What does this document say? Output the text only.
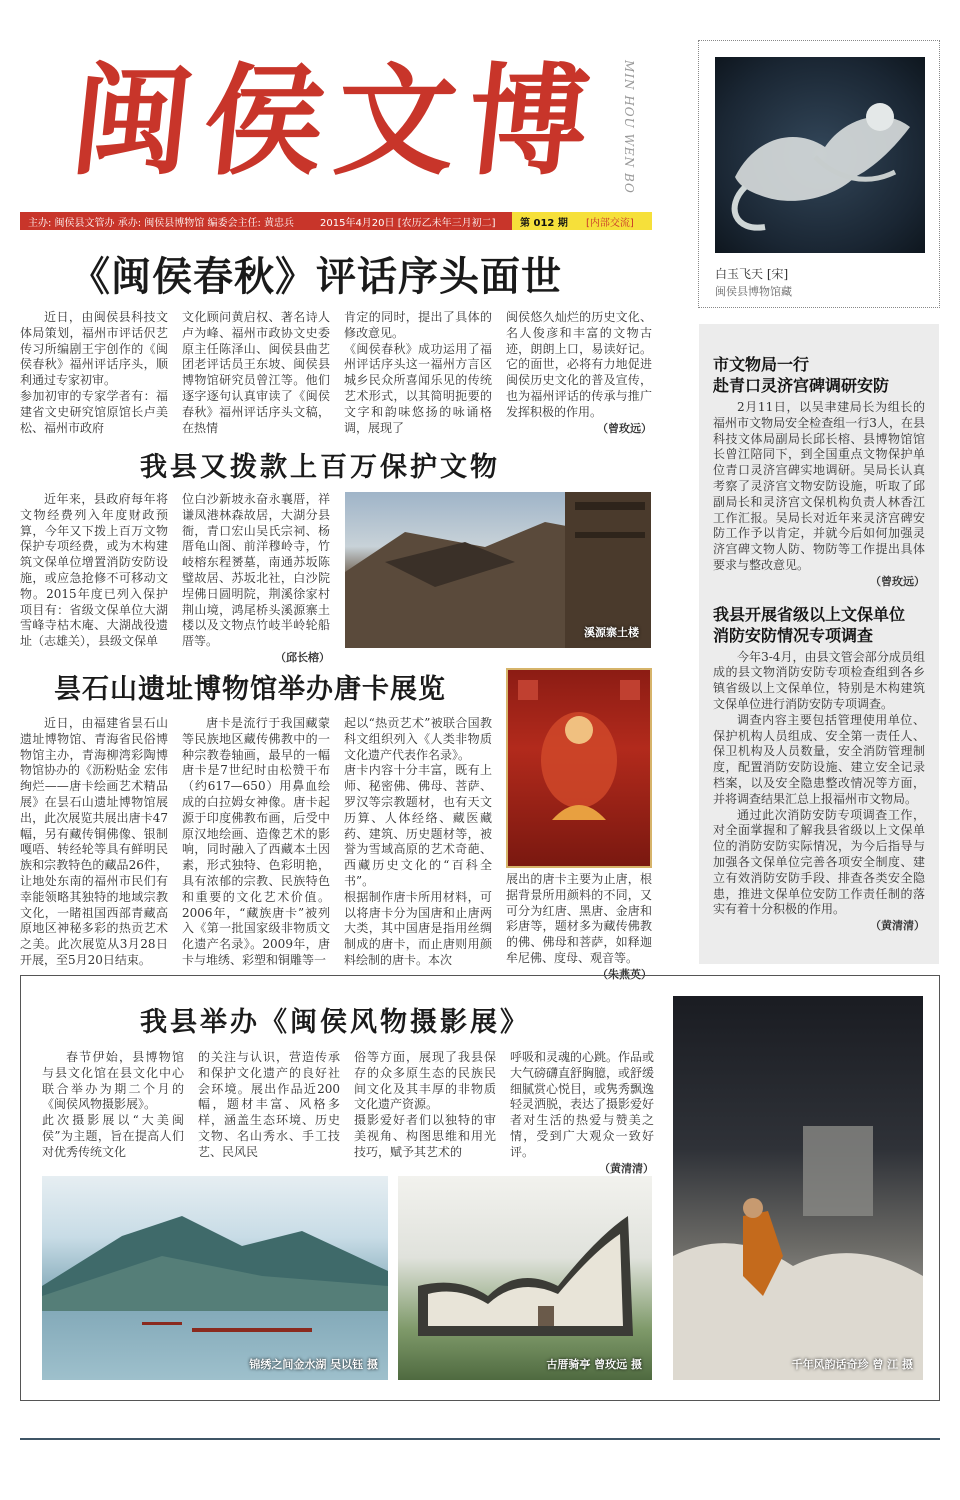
闽侯文博 MIN HOU WEN BO
主办: 闽侯县文管办 承办: 闽侯县博物馆 编委会主任: 黄忠兵	2015年4月20日 [农历乙未年三月初二] 第 012 期 [内部交流]
白玉飞天 [宋]
闽侯县博物馆藏
《闽侯春秋》评话序头面世

近日，由闽侯县科技文体局策划，福州市评话伬艺传习所编剧王宇创作的《闽侯春秋》福州评话序头，顺利通过专家初审。
参加初审的专家学者有：福建省文史研究馆原馆长卢美松、福州市政府

文化顾问黄启权、著名诗人卢为峰、福州市政协文史委原主任陈泽山、闽侯县曲艺团老评话员王东坡、闽侯县博物馆研究员曾江等。他们逐字逐句认真审读了《闽侯春秋》福州评话序头文稿，在热情

肯定的同时，提出了具体的修改意见。
《闽侯春秋》成功运用了福州评话序头这一福州方言区城乡民众所喜闻乐见的传统艺术形式，以其简明扼要的文字和韵味悠扬的咏诵格调，展现了

闽侯悠久灿烂的历史文化、名人俊彦和丰富的文物古迹，朗朗上口，易读好记。它的面世，必将有力地促进闽侯历史文化的普及宣传，也为福州评话的传承与推广发挥积极的作用。

（曾玫远）
我县又拨款上百万保护文物

近年来，县政府每年将文物经费列入年度财政预算，今年又下拨上百万文物保护专项经费，或为木构建筑文保单位增置消防安防设施，或应急抢修不可移动文物。2015年度已列入保护项目有：省级文保单位大湖雪峰寺枯木庵、大湖战役遗址（志雄关），县级文保单

位白沙新坡永奋永襄厝，祥谦凤港林森故居，大湖分县衙，青口宏山吴氏宗祠、杨厝龟山阁、前洋穆岭寺，竹岐榕东程赟墓，南通苏坂陈璧故居、苏坂北社，白沙院埕佛日圆明院，荆溪徐家村荆山境，鸿尾桥头溪源寨土楼以及文物点竹岐半岭轮船厝等。

（邱长榕）
溪源寨土楼
昙石山遗址博物馆举办唐卡展览

近日，由福建省昙石山遗址博物馆、青海省民俗博物馆主办，青海柳湾彩陶博物馆协办的《沥粉贴金 宏伟绚烂——唐卡绘画艺术精品展》在昙石山遗址博物馆展出，此次展览共展出唐卡47幅，另有藏传铜佛像、银制嘎唔、转经轮等具有鲜明民族和宗教特色的藏品26件，让地处东南的福州市民们有幸能领略其独特的地域宗教文化，一睹祖国西部青藏高原地区神秘多彩的热贡艺术之美。此次展览从3月28日开展，至5月20日结束。

唐卡是流行于我国藏蒙等民族地区藏传佛教中的一种宗教卷轴画，最早的一幅唐卡是7世纪时由松赞干布（约617—650）用鼻血绘成的白拉姆女神像。唐卡起源于印度佛教布画，后受中原汉地绘画、造像艺术的影响，同时融入了西藏本土因素，形式独特、色彩明艳，具有浓郁的宗教、民族特色和重要的文化艺术价值。2006年，“藏族唐卡”被列入《第一批国家级非物质文化遗产名录》。2009年，唐卡与堆绣、彩塑和铜雕等一

起以“热贡艺术”被联合国教科文组织列入《人类非物质文化遗产代表作名录》。
唐卡内容十分丰富，既有上师、秘密佛、佛母、菩萨、罗汉等宗教题材，也有天文历算、人体经络、藏医藏药、建筑、历史题材等，被誉为雪域高原的艺术奇葩、西藏历史文化的“百科全书”。
根据制作唐卡所用材料，可以将唐卡分为国唐和止唐两大类，其中国唐是指用丝绸制成的唐卡，而止唐则用颜料绘制的唐卡。本次

展出的唐卡主要为止唐，根据背景所用颜料的不同，又可分为红唐、黑唐、金唐和彩唐等，题材多为藏传佛教的佛、佛母和菩萨，如释迦牟尼佛、度母、观音等。

（朱燕英）
市文物局一行
赴青口灵济宫碑调研安防

2月11日，以吴聿建局长为组长的福州市文物局安全检查组一行3人，在县科技文体局副局长邱长榕、县博物馆馆长曾江陪同下，到全国重点文物保护单位青口灵济宫碑实地调研。吴局长认真考察了灵济宫文物安防设施，听取了邱副局长和灵济宫文保机构负责人林香江工作汇报。吴局长对近年来灵济宫碑安防工作予以肯定，并就今后如何加强灵济宫碑文物人防、物防等工作提出具体要求与整改意见。

（曾玫远）
我县开展省级以上文保单位
消防安防情况专项调查

今年3-4月，由县文管会部分成员组成的县文物消防安防专项检查组到各乡镇省级以上文保单位，特别是木构建筑文保单位进行消防安防专项调查。

调查内容主要包括管理使用单位、保护机构人员组成、安全第一责任人、保卫机构及人员数量，安全消防管理制度，配置消防安防设施、建立安全记录档案，以及安全隐患整改情况等方面，并将调查结果汇总上报福州市文物局。

通过此次消防安防专项调查工作，对全面掌握和了解我县省级以上文保单位的消防安防实际情况，为今后指导与加强各文保单位完善各项安全制度、建立有效消防安防手段、排查各类安全隐患，推进文保单位安防工作责任制的落实有着十分积极的作用。

（黄清清）
我县举办《闽侯风物摄影展》

春节伊始，县博物馆与县文化馆在县文化中心联合举办为期二个月的《闽侯风物摄影展》。
此次摄影展以“大美闽侯”为主题，旨在提高人们对优秀传统文化

的关注与认识，营造传承和保护文化遗产的良好社会环境。展出作品近200幅，题材丰富、风格多样，涵盖生态环境、历史文物、名山秀水、手工技艺、民风民

俗等方面，展现了我县保存的众多原生态的民族民间文化及其丰厚的非物质文化遗产资源。
摄影爱好者们以独特的审美视角、构图思维和用光技巧，赋予其艺术的

呼吸和灵魂的心跳。作品或大气磅礴直舒胸臆，或舒缓细腻赏心悦目，或隽秀飘逸轻灵洒脱，表达了摄影爱好者对生活的热爱与赞美之情，受到广大观众一致好评。

（黄清清）
锦绣之间金水湖 吴以钰 摄	古厝骑亭 曾玫远 摄	千年风韵话奇珍 曾 江 摄
